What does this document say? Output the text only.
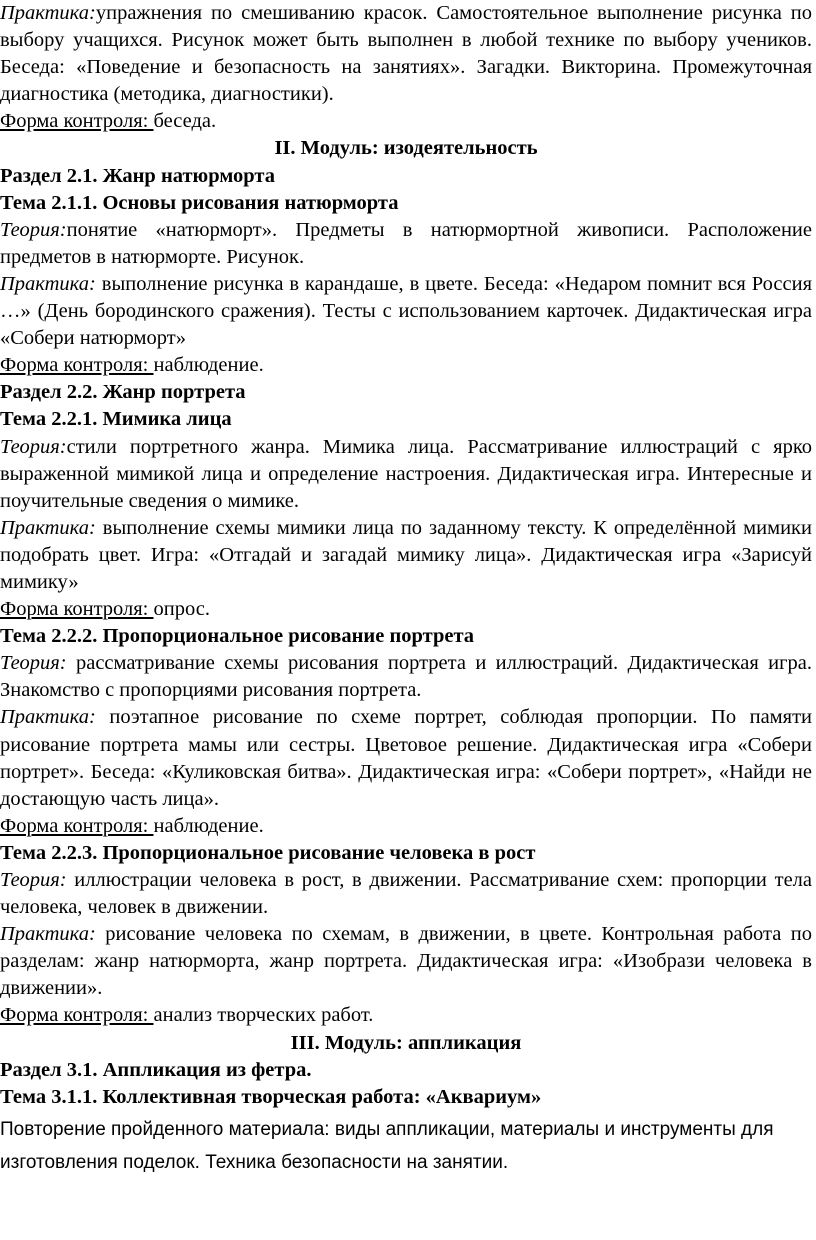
Практика:упражнения по смешиванию красок. Самостоятельное выполнение рисунка по выбору учащихся. Рисунок может быть выполнен в любой технике по выбору учеников. Беседа: «Поведение и безопасность на занятиях». Загадки. Викторина. Промежуточная диагностика (методика, диагностики).

Форма контроля: беседа.

II. Модуль: изодеятельность

Раздел 2.1. Жанр натюрморта

Тема 2.1.1. Основы рисования натюрморта

Теория:понятие «натюрморт». Предметы в натюрмортной живописи. Расположение предметов в натюрморте. Рисунок.

Практика: выполнение рисунка в карандаше, в цвете. Беседа: «Недаром помнит вся Россия …» (День бородинского сражения). Тесты с использованием карточек. Дидактическая игра «Собери натюрморт»

Форма контроля: наблюдение.

Раздел 2.2. Жанр портрета

Тема 2.2.1. Мимика лица

Теория:стили портретного жанра. Мимика лица. Рассматривание иллюстраций с ярко выраженной мимикой лица и определение настроения. Дидактическая игра. Интересные и поучительные сведения о мимике.

Практика: выполнение схемы мимики лица по заданному тексту. К определённой мимики подобрать цвет. Игра: «Отгадай и загадай мимику лица». Дидактическая игра «Зарисуй мимику»

Форма контроля: опрос.

Тема 2.2.2. Пропорциональное рисование портрета

Теория: рассматривание схемы рисования портрета и иллюстраций. Дидактическая игра. Знакомство с пропорциями рисования портрета.

Практика: поэтапное рисование по схеме портрет, соблюдая пропорции. По памяти рисование портрета мамы или сестры. Цветовое решение. Дидактическая игра «Собери портрет». Беседа: «Куликовская битва». Дидактическая игра: «Собери портрет», «Найди не достающую часть лица».

Форма контроля: наблюдение.

Тема 2.2.3. Пропорциональное рисование человека в рост

Теория: иллюстрации человека в рост, в движении. Рассматривание схем: пропорции тела человека, человек в движении.

Практика: рисование человека по схемам, в движении, в цвете. Контрольная работа по разделам: жанр натюрморта, жанр портрета. Дидактическая игра: «Изобрази человека в движении».

Форма контроля: анализ творческих работ.

III. Модуль: аппликация

Раздел 3.1. Аппликация из фетра.

Тема 3.1.1. Коллективная творческая работа: «Аквариум»

Повторение пройденного материала: виды аппликации, материалы и инструменты для изготовления поделок. Техника безопасности на занятии.
